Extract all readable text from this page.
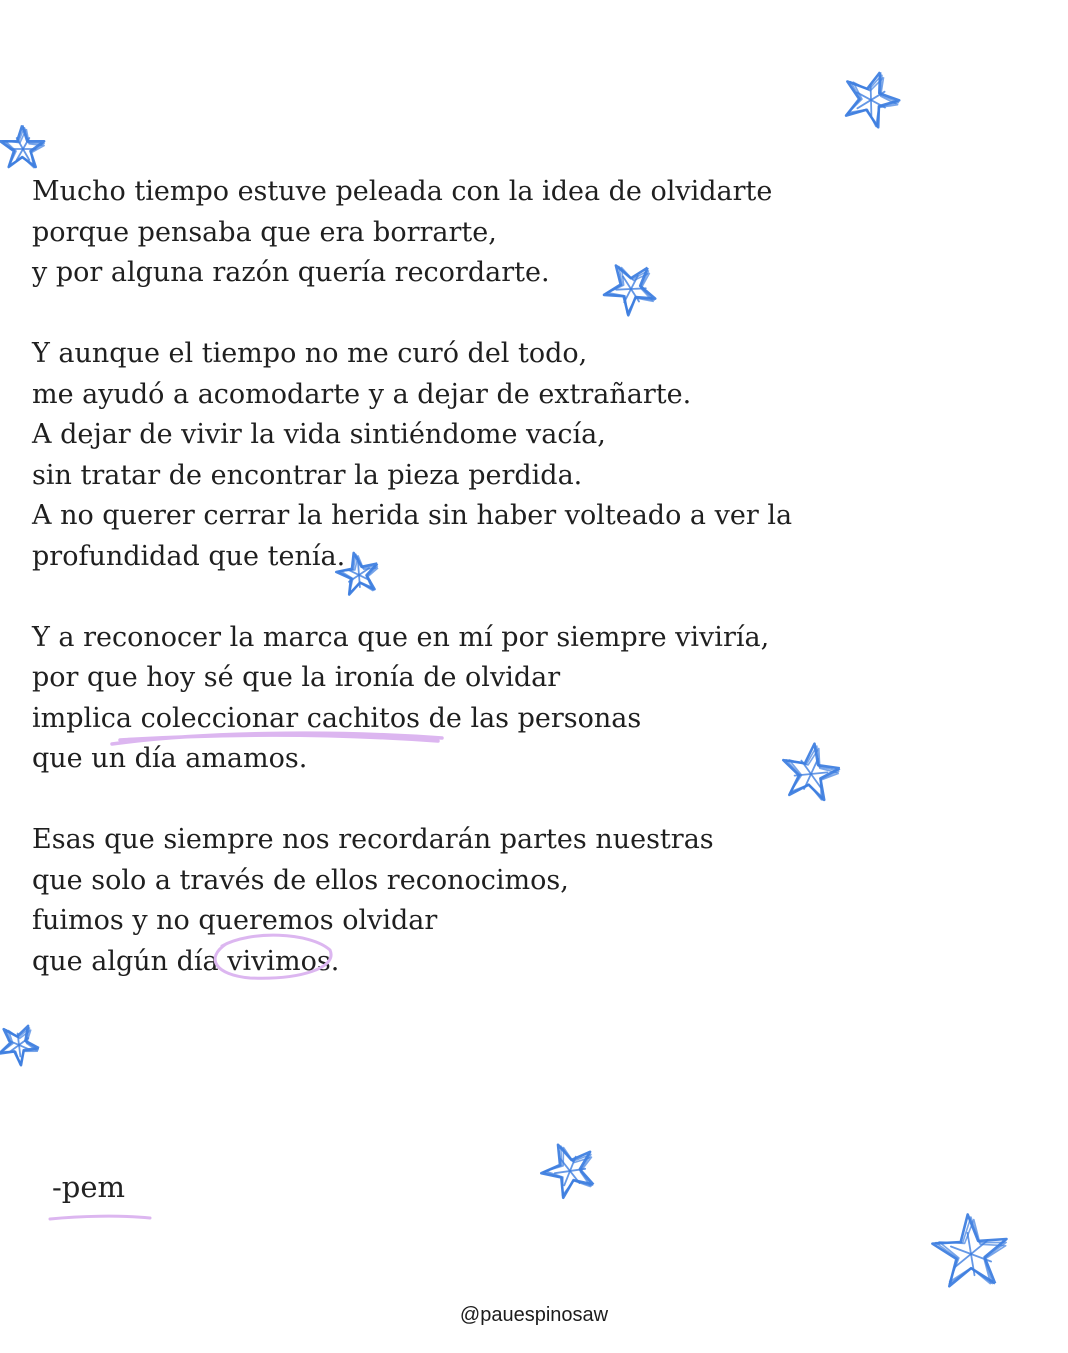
Mucho tiempo estuve peleada con la idea de olvidarte
porque pensaba que era borrarte,
y por alguna razón quería recordarte.
Y aunque el tiempo no me curó del todo,
me ayudó a acomodarte y a dejar de extrañarte.
A dejar de vivir la vida sintiéndome vacía,
sin tratar de encontrar la pieza perdida.
A no querer cerrar la herida sin haber volteado a ver la
profundidad que tenía.
Y a reconocer la marca que en mí por siempre viviría,
por que hoy sé que la ironía de olvidar
implica coleccionar cachitos de las personas
que un día amamos.
Esas que siempre nos recordarán partes nuestras
que solo a través de ellos reconocimos,
fuimos y no queremos olvidar
que algún día vivimos.
-pem
@pauespinosaw
